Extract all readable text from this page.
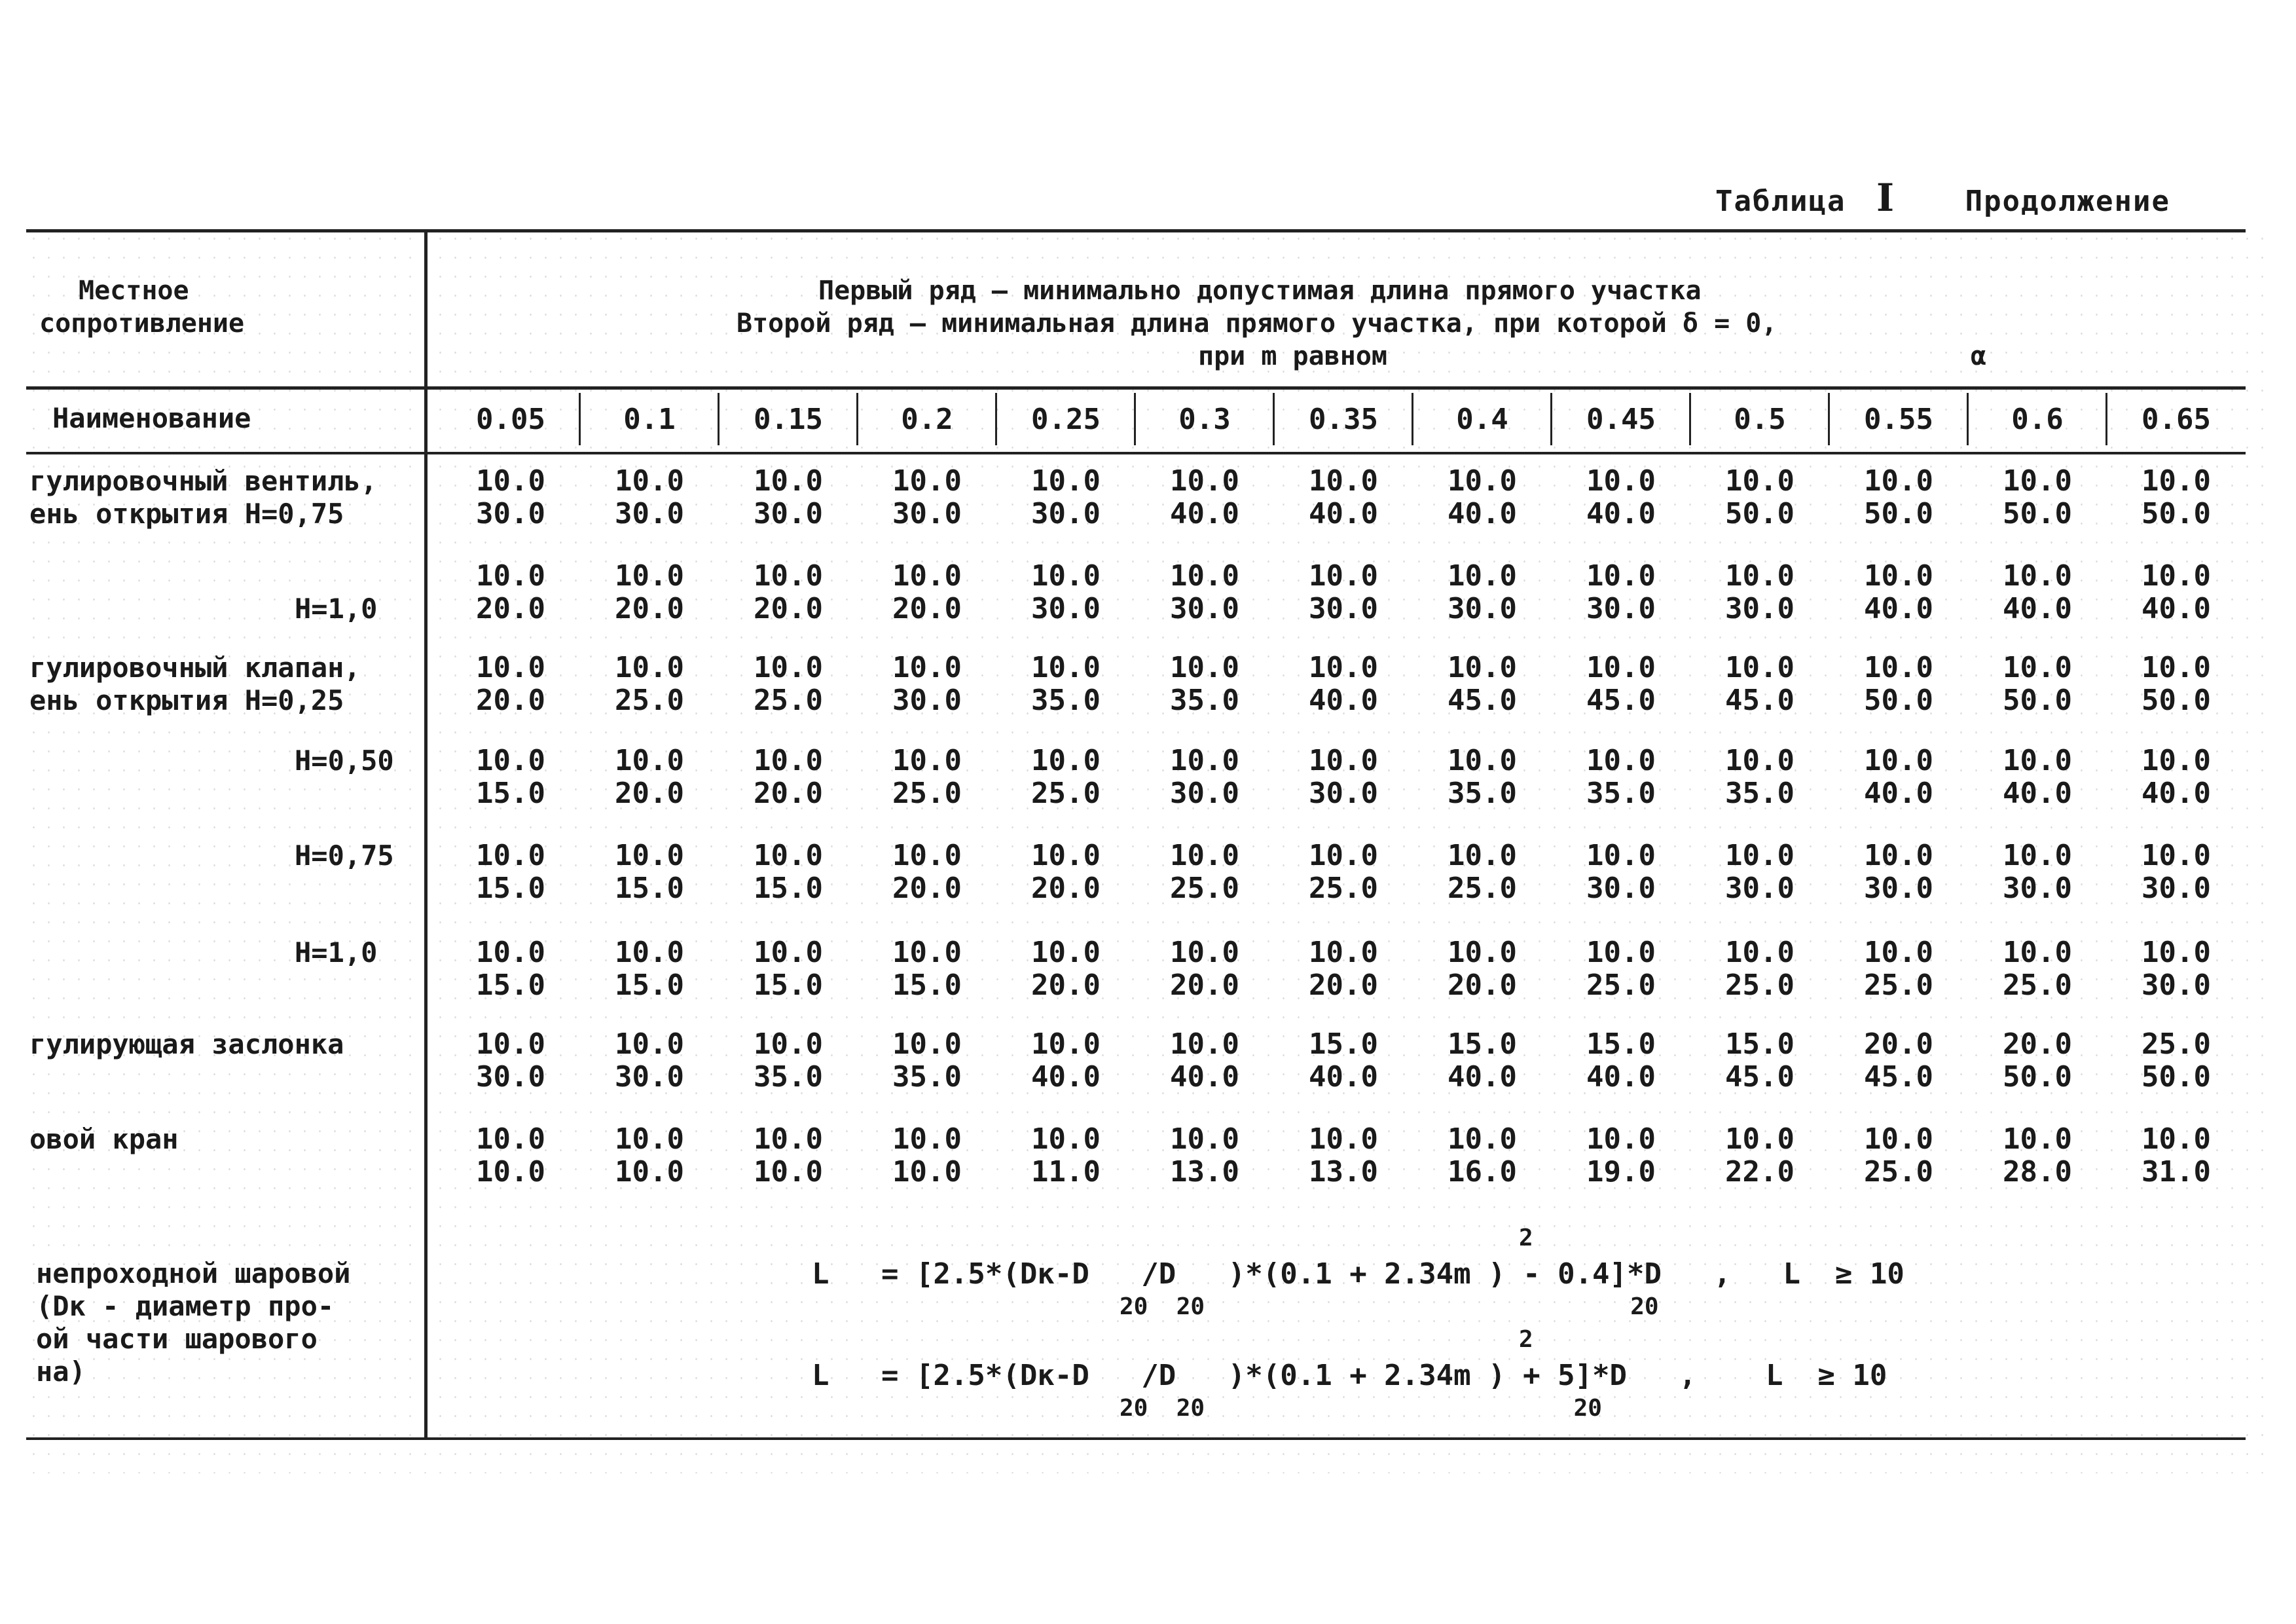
Таблица I Продолжение
Местное
сопротивление
Первый ряд — минимально допустимая длина прямого участка
Второй ряд — минимальная длина прямого участка, при которой δ = 0,
при m равном	α
Наименование	0.05	0.1	0.15	0.2	0.25	0.3	0.35	0.4	0.45	0.5	0.55	0.6	0.65
гулировочный вентиль,
ень открытия H=0,75
10.0	10.0	10.0	10.0	10.0	10.0	10.0	10.0	10.0	10.0	10.0	10.0	10.0
30.0	30.0	30.0	30.0	30.0	40.0	40.0	40.0	40.0	50.0	50.0	50.0	50.0
H=1,0
10.0	10.0	10.0	10.0	10.0	10.0	10.0	10.0	10.0	10.0	10.0	10.0	10.0
20.0	20.0	20.0	20.0	30.0	30.0	30.0	30.0	30.0	30.0	40.0	40.0	40.0
гулировочный клапан,
ень открытия H=0,25
10.0	10.0	10.0	10.0	10.0	10.0	10.0	10.0	10.0	10.0	10.0	10.0	10.0
20.0	25.0	25.0	30.0	35.0	35.0	40.0	45.0	45.0	45.0	50.0	50.0	50.0
H=0,50	10.0	10.0	10.0	10.0	10.0	10.0	10.0	10.0	10.0	10.0	10.0	10.0	10.0
15.0	20.0	20.0	25.0	25.0	30.0	30.0	35.0	35.0	35.0	40.0	40.0	40.0
H=0,75	10.0	10.0	10.0	10.0	10.0	10.0	10.0	10.0	10.0	10.0	10.0	10.0	10.0
15.0	15.0	15.0	20.0	20.0	25.0	25.0	25.0	30.0	30.0	30.0	30.0	30.0
H=1,0	10.0	10.0	10.0	10.0	10.0	10.0	10.0	10.0	10.0	10.0	10.0	10.0	10.0
15.0	15.0	15.0	15.0	20.0	20.0	20.0	20.0	25.0	25.0	25.0	25.0	30.0
гулирующая заслонка	10.0	10.0	10.0	10.0	10.0	10.0	15.0	15.0	15.0	15.0	20.0	20.0	25.0
30.0	30.0	35.0	35.0	40.0	40.0	40.0	40.0	40.0	45.0	45.0	50.0	50.0
овой кран	10.0	10.0	10.0	10.0	10.0	10.0	10.0	10.0	10.0	10.0	10.0	10.0	10.0
10.0	10.0	10.0	10.0	11.0	13.0	13.0	16.0	19.0	22.0	25.0	28.0	31.0
непроходной шаровой
(Dк - диаметр про-
ой части шарового
на)
2
L   = [2.5*(Dк-D   /D   )*(0.1 + 2.34m ) - 0.4]*D   ,   L  ≥ 10
20  20                              20
2
L   = [2.5*(Dк-D   /D   )*(0.1 + 2.34m ) + 5]*D   ,    L  ≥ 10
20  20                          20
